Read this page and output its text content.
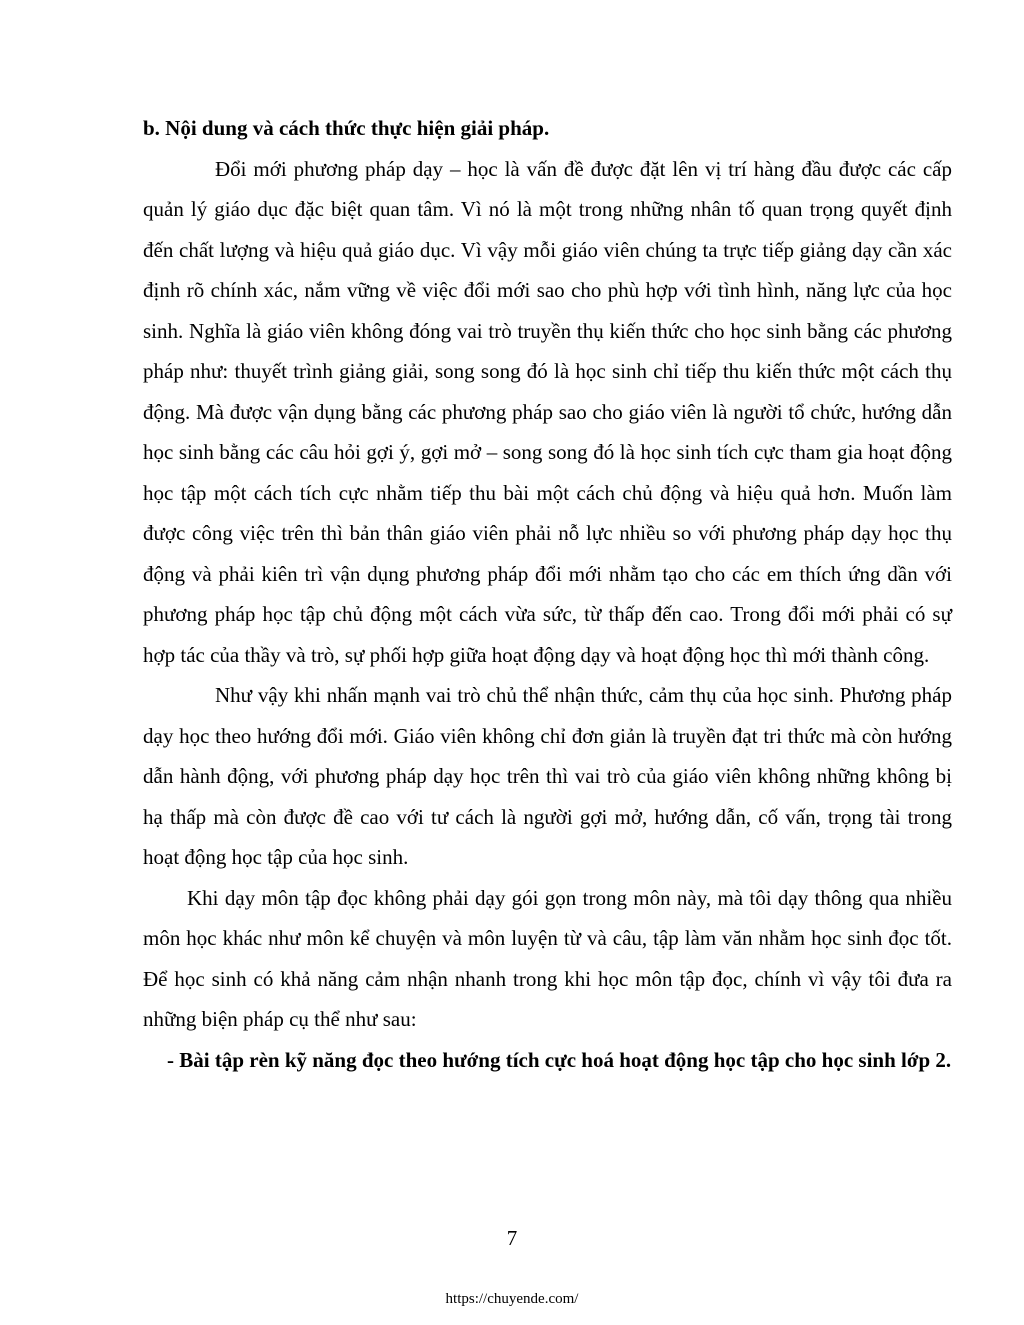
b. Nội dung và cách thức thực hiện giải pháp.

Đổi mới phương pháp dạy – học là vấn đề được đặt lên vị trí hàng đầu được các cấp quản lý giáo dục đặc biệt quan tâm. Vì nó là một trong những nhân tố quan trọng quyết định đến chất lượng và hiệu quả giáo dục. Vì vậy mỗi giáo viên chúng ta trực tiếp giảng dạy cần xác định rõ chính xác, nắm vững về việc đổi mới sao cho phù hợp với tình hình, năng lực của học sinh. Nghĩa là giáo viên không đóng vai trò truyền thụ kiến thức cho học sinh bằng các phương pháp như: thuyết trình giảng giải, song song đó là học sinh chỉ tiếp thu kiến thức một cách thụ động. Mà được vận dụng bằng các phương pháp sao cho giáo viên là người tổ chức, hướng dẫn học sinh bằng các câu hỏi gợi ý, gợi mở – song song đó là học sinh tích cực tham gia hoạt động học tập một cách tích cực nhằm tiếp thu bài một cách chủ động và hiệu quả hơn. Muốn làm được công việc trên thì bản thân giáo viên phải nỗ lực nhiều so với phương pháp dạy học thụ động và phải kiên trì vận dụng phương pháp đổi mới nhằm tạo cho các em thích ứng dần với phương pháp học tập chủ động một cách vừa sức, từ thấp đến cao. Trong đổi mới phải có sự hợp tác của thầy và trò, sự phối hợp giữa hoạt động dạy và hoạt động học thì mới thành công.

Như vậy khi nhấn mạnh vai trò chủ thể nhận thức, cảm thụ của học sinh. Phương pháp dạy học theo hướng đổi mới. Giáo viên không chỉ đơn giản là truyền đạt tri thức mà còn hướng dẫn hành động, với phương pháp dạy học trên thì vai trò của giáo viên không những không bị hạ thấp mà còn được đề cao với tư cách là người gợi mở, hướng dẫn, cố vấn, trọng tài trong hoạt động học tập của học sinh.

Khi dạy môn tập đọc không phải dạy gói gọn trong môn này, mà tôi dạy thông qua nhiều môn học khác như môn kể chuyện và môn luyện từ và câu, tập làm văn nhằm học sinh đọc tốt. Để học sinh có khả năng cảm nhận nhanh trong khi học môn tập đọc, chính vì vậy tôi đưa ra những biện pháp cụ thể như sau:

- Bài tập rèn kỹ năng đọc theo hướng tích cực hoá hoạt động học tập cho học sinh lớp 2.

7
https://chuyende.com/
